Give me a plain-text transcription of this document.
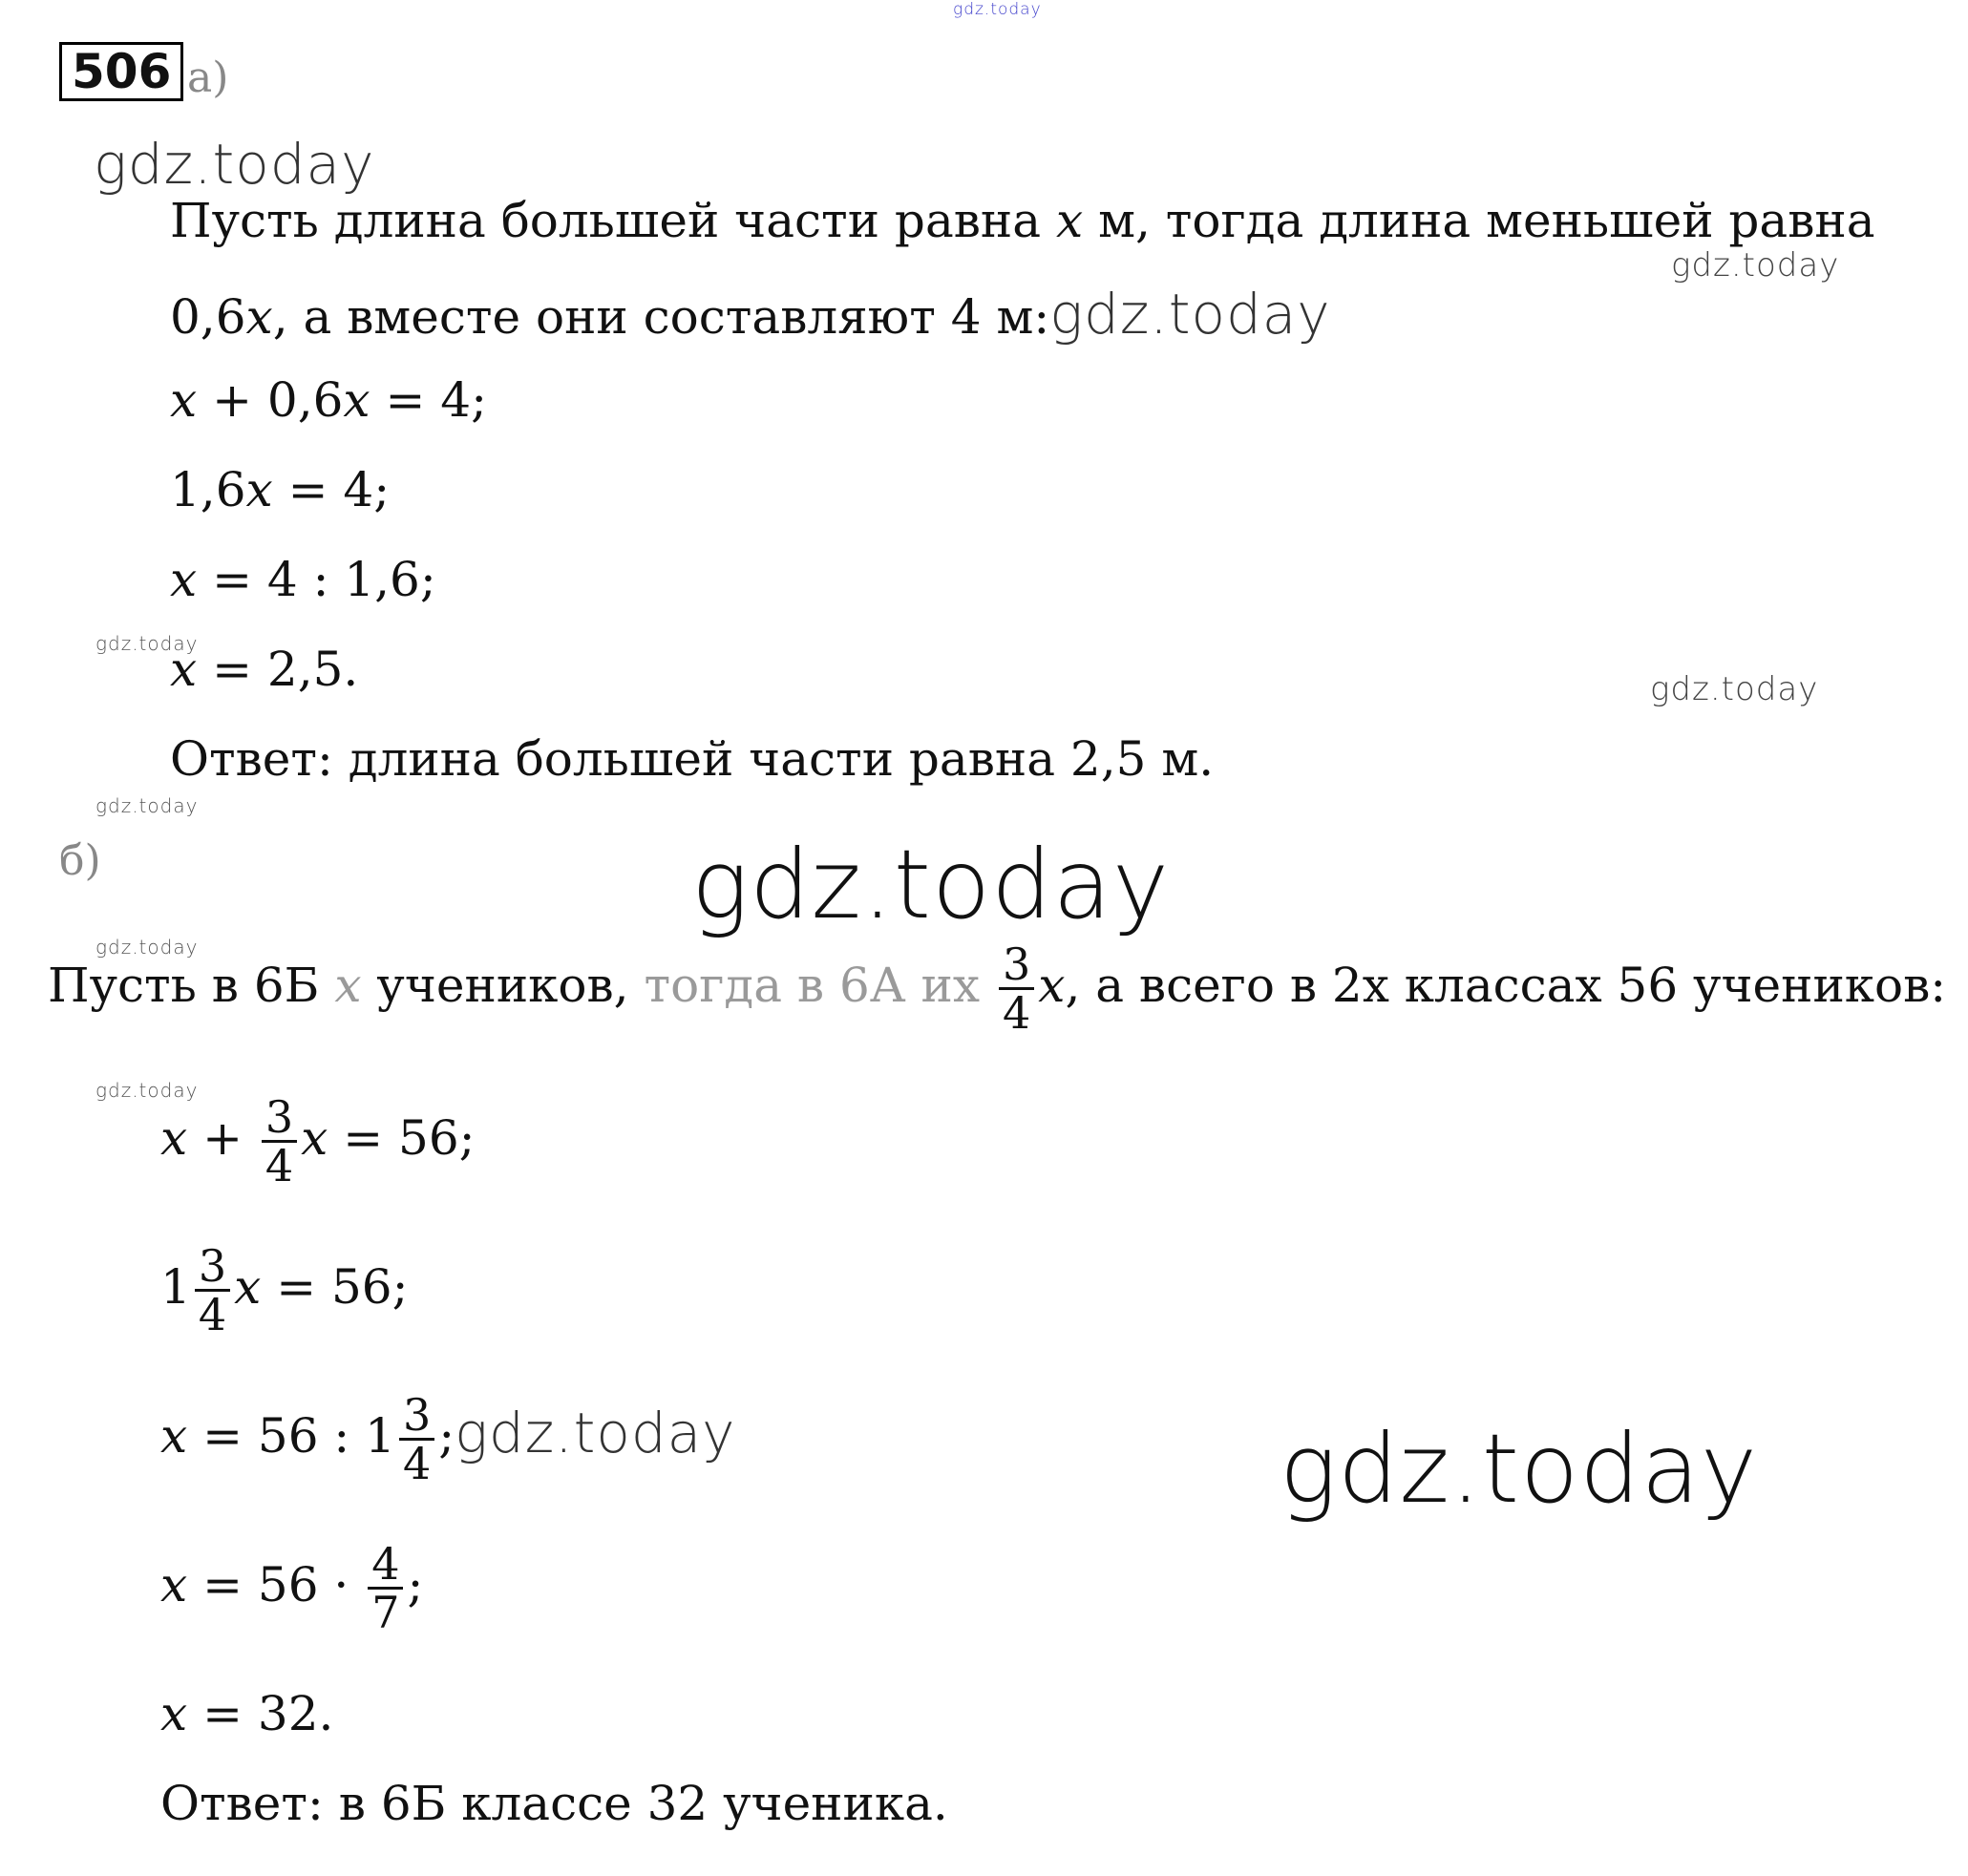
gdz.today
506 а)
gdz.today
gdz.today
gdz.today
gdz.today
gdz.today
gdz.today
gdz.today
gdz.today
gdz.today
Пусть длина большей части равна x м, тогда длина меньшей равна
0,6x, а вместе они составляют 4 м:gdz.today
x + 0,6x = 4;
1,6x = 4;
x = 4 : 1,6;
x = 2,5.
Ответ: длина большей части равна 2,5 м.
б)
Пусть в 6Б x учеников, тогда в 6А их $\frac{3}{4} x$, а всего в 2х классах 56 учеников:
$x + \frac{3}{4}$ x = 56;
$1 \frac{3}{4}$ x = 56;
x = 56 : $1 \frac{3}{4}$ ;gdz.today
$x = 56 \cdot \frac{4}{7}$ ;
x = 32.
Ответ: в 6Б классе 32 ученика.
